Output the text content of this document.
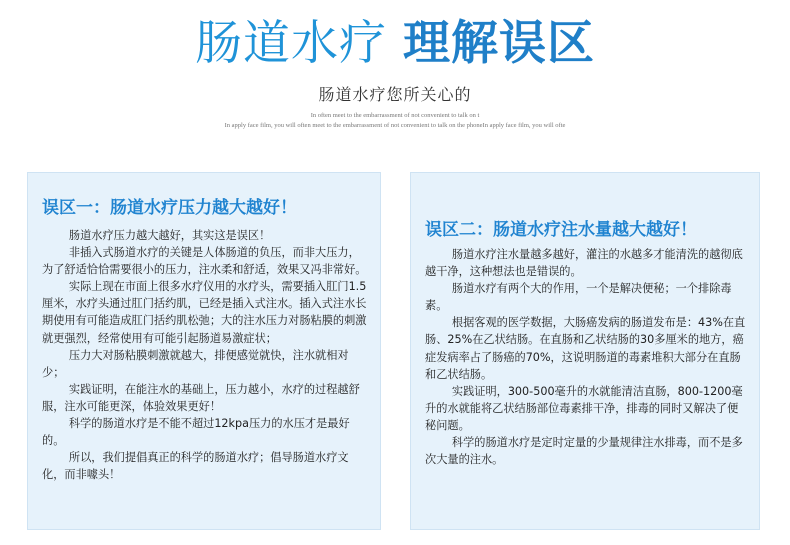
肠道水疗 理解误区
肠道水疗您所关心的
In often meet to the embarrassment of not convenient to talk on t
In apply face film, you will often meet to the embarrassment of not convenient to talk on the phoneIn apply face film, you will ofte
误区一：肠道水疗压力越大越好！

肠道水疗压力越大越好，其实这是误区！

非插入式肠道水疗的关键是人体肠道的负压，而非大压力，为了舒适恰恰需要很小的压力，注水柔和舒适，效果又冯非常好。

实际上现在市面上很多水疗仪用的水疗头，需要插入肛门1.5厘米，水疗头通过肛门括约肌，已经是插入式注水。插入式注水长期使用有可能造成肛门括约肌松弛；大的注水压力对肠粘膜的刺激就更强烈，经常使用有可能引起肠道易激症状；

压力大对肠粘膜刺激就越大，排便感觉就快，注水就相对少；

实践证明，在能注水的基础上，压力越小，水疗的过程越舒服，注水可能更深，体验效果更好！

科学的肠道水疗是不能不超过12kpa压力的水压才是最好的。

所以，我们提倡真正的科学的肠道水疗；倡导肠道水疗文化，而非噱头！

误区二：肠道水疗注水量越大越好！

肠道水疗注水量越多越好，灌注的水越多才能清洗的越彻底越干净，这种想法也是错误的。

肠道水疗有两个大的作用，一个是解决便秘；一个排除毒素。

根据客观的医学数据，大肠癌发病的肠道发布是：43%在直肠、25%在乙状结肠。在直肠和乙状结肠的30多厘米的地方，癌症发病率占了肠癌的70%，这说明肠道的毒素堆积大部分在直肠和乙状结肠。

实践证明，300-500毫升的水就能清洁直肠，800-1200毫升的水就能将乙状结肠部位毒素排干净，排毒的同时又解决了便秘问题。

科学的肠道水疗是定时定量的少量规律注水排毒，而不是多次大量的注水。
